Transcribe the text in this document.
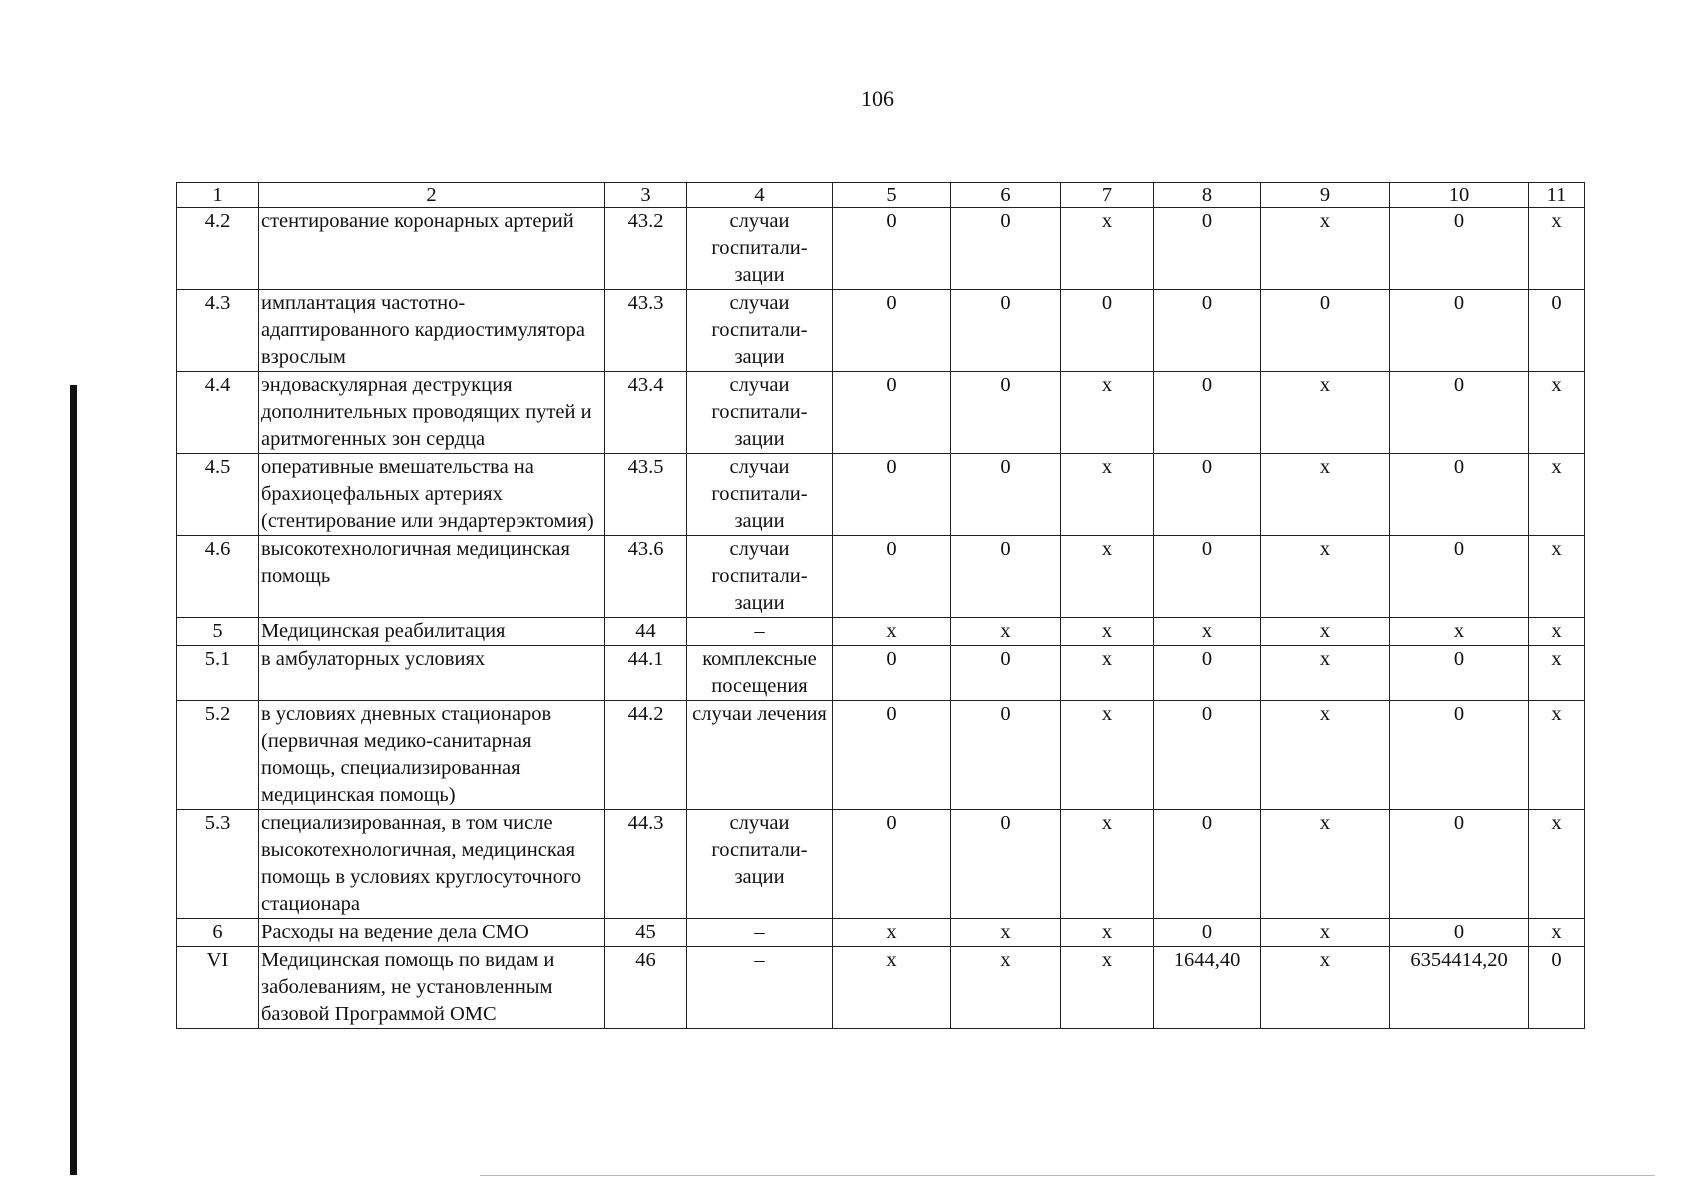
106
1	2	3	4	5	6	7	8	9	10	11
4.2	стентирование коронарных артерий	43.2	случаи госпитали-зации	0	0	х	0	х	0	х
4.3	имплантация частотно-адаптированного кардиостимулятора взрослым	43.3	случаи госпитали-зации	0	0	0	0	0	0	0
4.4	эндоваскулярная деструкция дополнительных проводящих путей и аритмогенных зон сердца	43.4	случаи госпитали-зации	0	0	х	0	х	0	х
4.5	оперативные вмешательства на брахиоцефальных артериях (стентирование или эндартерэктомия)	43.5	случаи госпитали-зации	0	0	х	0	х	0	х
4.6	высокотехнологичная медицинская помощь	43.6	случаи госпитали-зации	0	0	х	0	х	0	х
5	Медицинская реабилитация	44	–	х	х	х	х	х	х	х
5.1	в амбулаторных условиях	44.1	комплексные посещения	0	0	х	0	х	0	х
5.2	в условиях дневных стационаров (первичная медико-санитарная помощь, специализированная медицинская помощь)	44.2	случаи лечения	0	0	х	0	х	0	х
5.3	специализированная, в том числе высокотехнологичная, медицинская помощь в условиях круглосуточного стационара	44.3	случаи госпитали-зации	0	0	х	0	х	0	х
6	Расходы на ведение дела СМО	45	–	х	х	х	0	х	0	х
VI	Медицинская помощь по видам и заболеваниям, не установленным базовой Программой ОМС	46	–	х	х	х	1644,40	х	6354414,20	0
